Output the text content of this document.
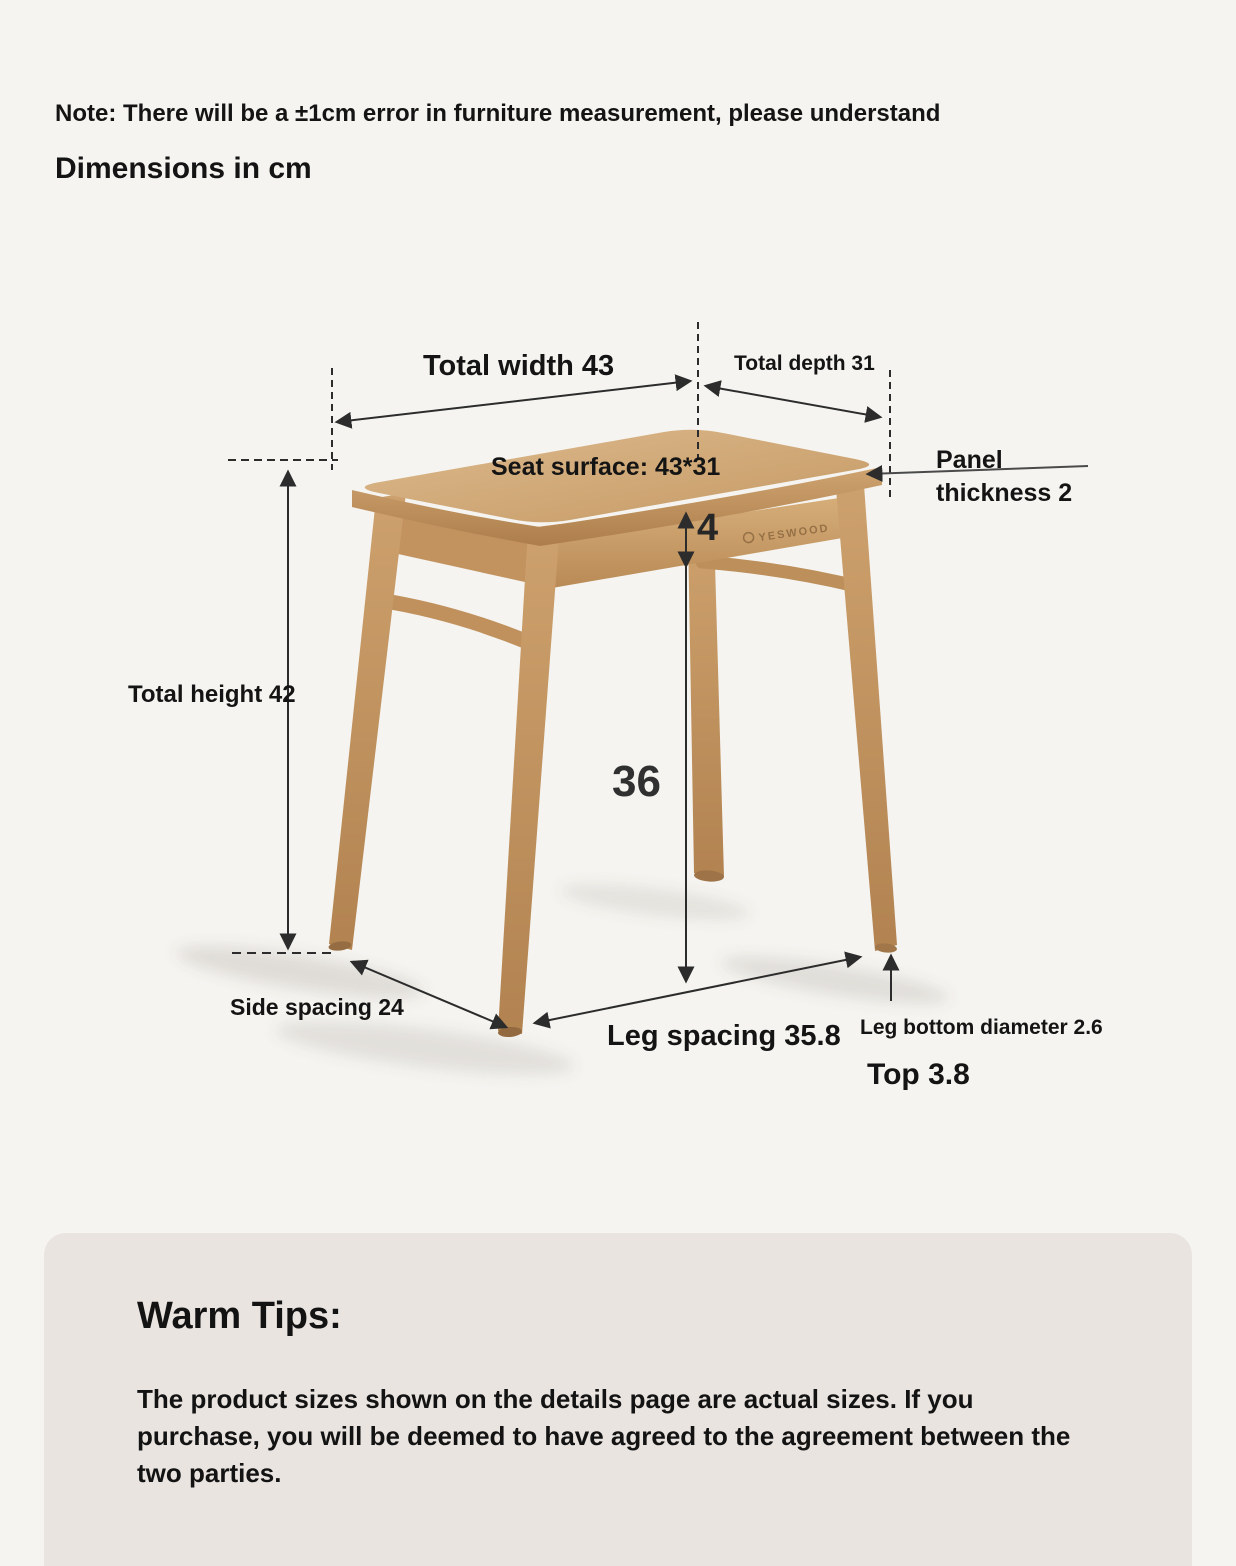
YESWOOD
Note: There will be a ±1cm error in furniture measurement, please understand
Dimensions in cm
Total width 43	Total depth 31
Seat surface: 43*31	Panel thickness 2
4
Total height 42
36
Side spacing 24
Leg spacing 35.8 Leg bottom diameter 2.6
Top 3.8
Warm Tips:
The product sizes shown on the details page are actual sizes. If you purchase, you will be deemed to have agreed to the agreement between the two parties.
